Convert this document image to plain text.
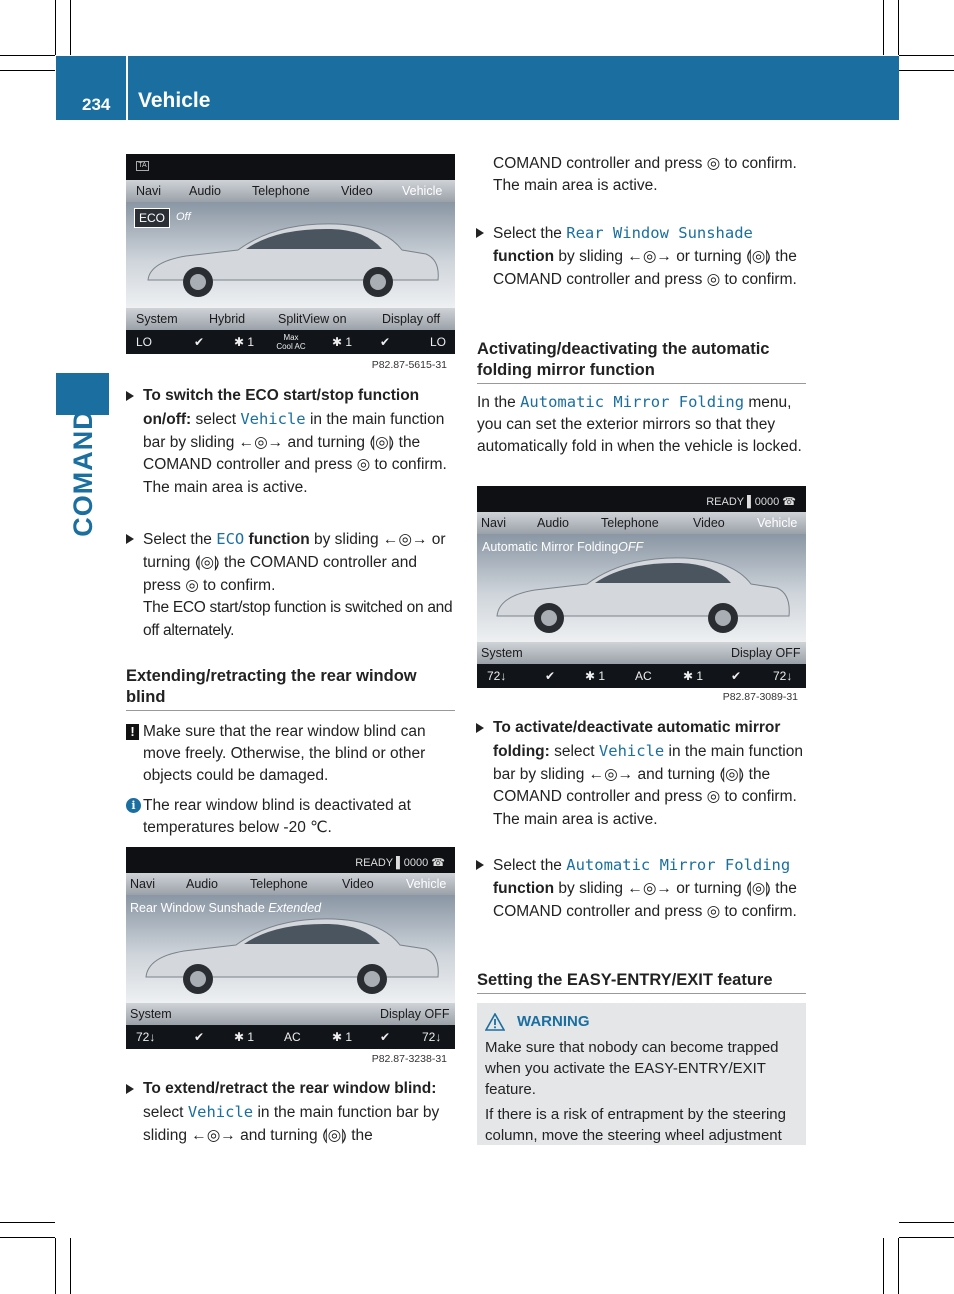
234 Vehicle
COMAND
TA
Navi Audio Telephone	Video Vehicle
ECO Off
System	Hybrid	SplitView on	Display off
LO	✔ ✱ 1	Max Cool AC ✱ 1 ✔	LO
P82.87-5615-31
To switch the ECO start/stop function on/off: select Vehicle in the main function bar by sliding ←◎→ and turning ⟬◎⟭ the COMAND controller and press ◎ to confirm.
The main area is active.
Select the ECO function by sliding ←◎→ or turning ⟬◎⟭ the COMAND controller and press ◎ to confirm.
The ECO start/stop function is switched on and off alternately.
Extending/retracting the rear window blind
! Make sure that the rear window blind can move freely. Otherwise, the blind or other objects could be damaged.
i The rear window blind is deactivated at temperatures below -20 ℃.
READY ▌0000 ☎
Navi Audio	Telephone	Video	Vehicle
Rear Window Sunshade Extended
System	Display OFF
72↓	✔ ✱ 1 AC	✱ 1 ✔	72↓
P82.87-3238-31
To extend/retract the rear window blind: select Vehicle in the main function bar by sliding ←◎→ and turning ⟬◎⟭ the
COMAND controller and press ◎ to confirm.
The main area is active.
Select the Rear Window Sunshade
function by sliding ←◎→ or turning ⟬◎⟭ the COMAND controller and press ◎ to confirm.
Activating/deactivating the automatic folding mirror function
In the Automatic Mirror Folding menu, you can set the exterior mirrors so that they automatically fold in when the vehicle is locked.
READY ▌0000 ☎
Navi Audio	Telephone	Video	Vehicle
Automatic Mirror FoldingOFF
System	Display OFF
72↓	✔ ✱ 1 AC	✱ 1 ✔	72↓
P82.87-3089-31
To activate/deactivate automatic mirror folding: select Vehicle in the main function bar by sliding ←◎→ and turning ⟬◎⟭ the COMAND controller and press ◎ to confirm.
The main area is active.
Select the Automatic Mirror Folding
function by sliding ←◎→ or turning ⟬◎⟭ the COMAND controller and press ◎ to confirm.
Setting the EASY-ENTRY/EXIT feature
WARNING
Make sure that nobody can become trapped when you activate the EASY-ENTRY/EXIT feature.
If there is a risk of entrapment by the steering column, move the steering wheel adjustment
